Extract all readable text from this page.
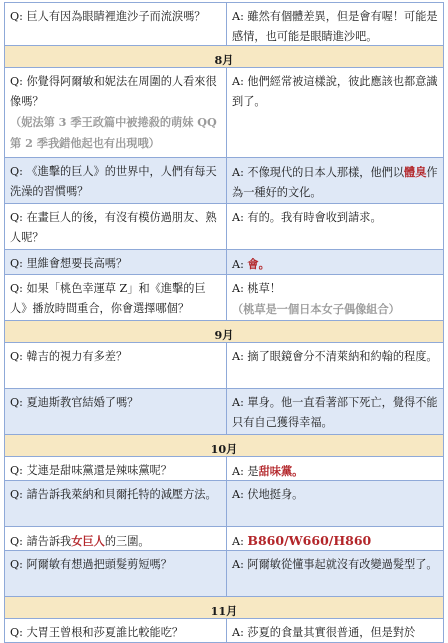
Q: 巨人有因為眼睛裡進沙子而流淚嗎？	A: 雖然有個體差異，但是會有喔！可能是感情，也可能是眼睛進沙吧。
8月
Q: 你覺得阿爾敏和妮法在周圍的人看來很像嗎？
（妮法第 3 季王政篇中被捲殺的萌妹 QQ第 2 季我錯他起也有出現哦）
A: 他們經常被這樣說，彼此應該也都意識到了。
Q: 《進擊的巨人》的世界中，人們有每天洗澡的習慣嗎？
A: 不像現代的日本人那樣，他們以體臭作為一種好的文化。
Q: 在畫巨人的後，有沒有模仿過朋友、熟人呢？
A: 有的。我有時會收到請求。
Q: 里維會想要長高嗎？	A: 會。
Q: 如果「桃色幸運草 Z」和《進擊的巨人》播放時間重合，你會選擇哪個？
A: 桃草！
（桃草是一個日本女子偶像組合）
9月
Q: 韓吉的視力有多差？	A: 摘了眼鏡會分不清萊納和約翰的程度。
Q: 夏迪斯教官結婚了嗎？	A: 單身。他一直看著部下死亡，覺得不能只有自己獲得幸福。
10月
Q: 艾連是甜味黨還是辣味黨呢？	A: 是甜味黨。
Q: 請告訴我萊納和貝爾托特的減壓方法。	A: 伏地挺身。
Q: 請告訴我女巨人的三圍。	A: B860/W660/H860
Q: 阿爾敏有想過把頭髮剪短嗎？	A: 阿爾敏從懂事起就沒有改變過髮型了。
11月
Q: 大胃王曾根和莎夏誰比較能吃？	A: 莎夏的食量其實很普通，但是對於
